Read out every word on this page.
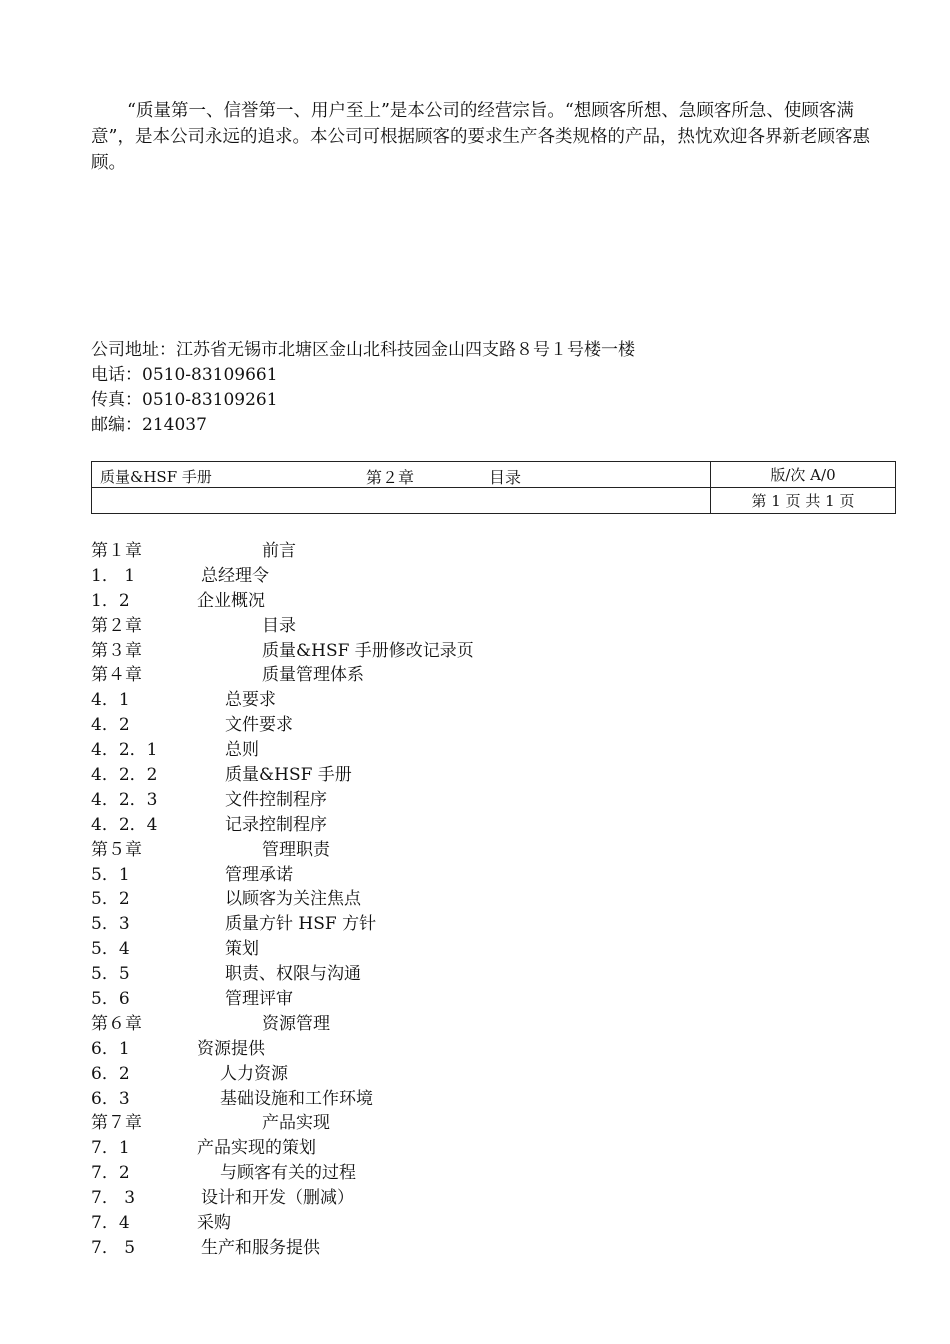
“质量第一、信誉第一、用户至上”是本公司的经营宗旨。“想顾客所想、急顾客所急、使顾客满意”，是本公司永远的追求。本公司可根据顾客的要求生产各类规格的产品，热忱欢迎各界新老顾客惠顾。

公司地址：江苏省无锡市北塘区金山北科技园金山四支路８号１号楼一楼
电话：0510-83109661
传真：0510-83109261
邮编：214037
质量&HSF 手册 第２章 目录	版/次 A/0
	第 1 页 共 1 页
第１章	前言
1． 1	总经理令
1．2	企业概况
第２章	目录
第３章	质量&HSF 手册修改记录页
第４章	质量管理体系
4．1	总要求
4．2	文件要求
4．2．1	总则
4．2．2	质量&HSF 手册
4．2．3	文件控制程序
4．2．4	记录控制程序
第５章	管理职责
5．1	管理承诺
5．2	以顾客为关注焦点
5．3	质量方针 HSF 方针
5．4	策划
5．5	职责、权限与沟通
5．6	管理评审
第６章	资源管理
6．1	资源提供
6．2	人力资源
6．3	基础设施和工作环境
第７章	产品实现
7．1	产品实现的策划
7．2	与顾客有关的过程
7． 3	设计和开发（删减）
7．4	采购
7． 5	生产和服务提供
